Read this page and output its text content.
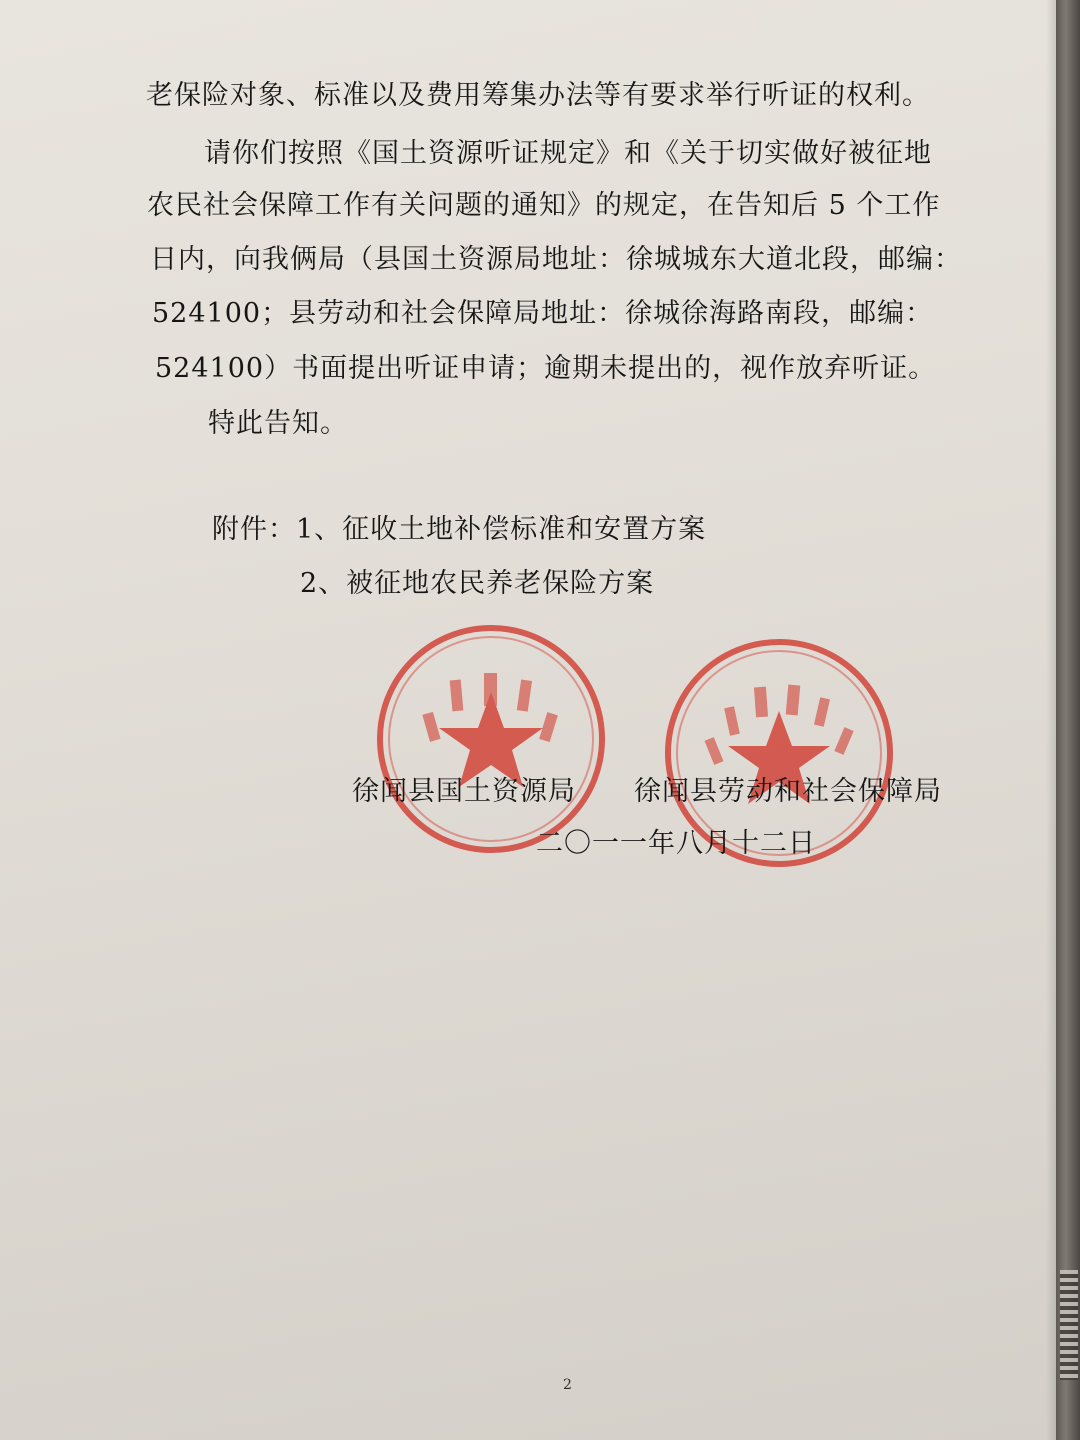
老保险对象、标准以及费用筹集办法等有要求举行听证的权利。

请你们按照《国土资源听证规定》和《关于切实做好被征地

农民社会保障工作有关问题的通知》的规定，在告知后 5 个工作

日内，向我俩局（县国土资源局地址：徐城城东大道北段，邮编：

524100；县劳动和社会保障局地址：徐城徐海路南段，邮编：

524100）书面提出听证申请；逾期未提出的，视作放弃听证。

特此告知。

附件：1、征收土地补偿标准和安置方案

2、被征地农民养老保险方案

徐闻县国土资源局 徐闻县劳动和社会保障局

二〇一一年八月十二日

2
